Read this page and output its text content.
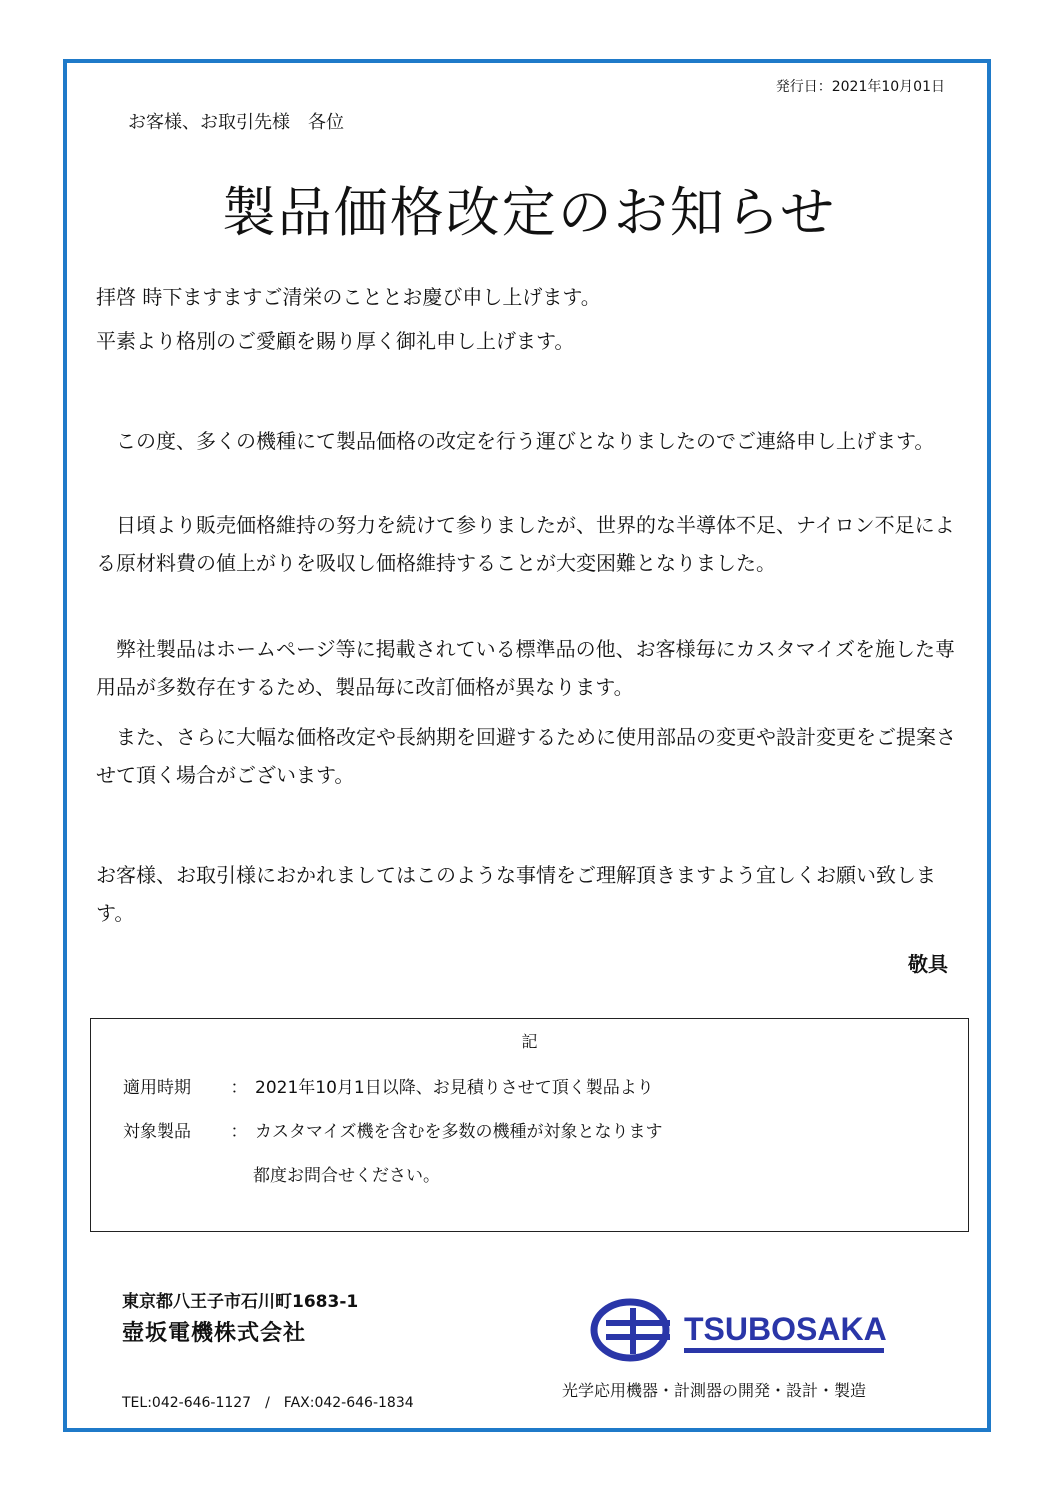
発行日：2021年10月01日
お客様、お取引先様　各位
製品価格改定のお知らせ
拝啓 時下ますますご清栄のこととお慶び申し上げます。
平素より格別のご愛顧を賜り厚く御礼申し上げます。
この度、多くの機種にて製品価格の改定を行う運びとなりましたのでご連絡申し上げます。
日頃より販売価格維持の努力を続けて参りましたが、世界的な半導体不足、ナイロン不足による原材料費の値上がりを吸収し価格維持することが大変困難となりました。
弊社製品はホームページ等に掲載されている標準品の他、お客様毎にカスタマイズを施した専用品が多数存在するため、製品毎に改訂価格が異なります。
また、さらに大幅な価格改定や長納期を回避するために使用部品の変更や設計変更をご提案させて頂く場合がございます。
お客様、お取引様におかれましてはこのような事情をご理解頂きますよう宜しくお願い致します。
敬具
記
適用時期 ： 2021年10月1日以降、お見積りさせて頂く製品より
対象製品 ： カスタマイズ機を含むを多数の機種が対象となります
都度お問合せください。
東京都八王子市石川町1683-1
壺坂電機株式会社
TEL:042-646-1127　/　FAX:042-646-1834
TSUBOSAKA
光学応用機器・計測器の開発・設計・製造
